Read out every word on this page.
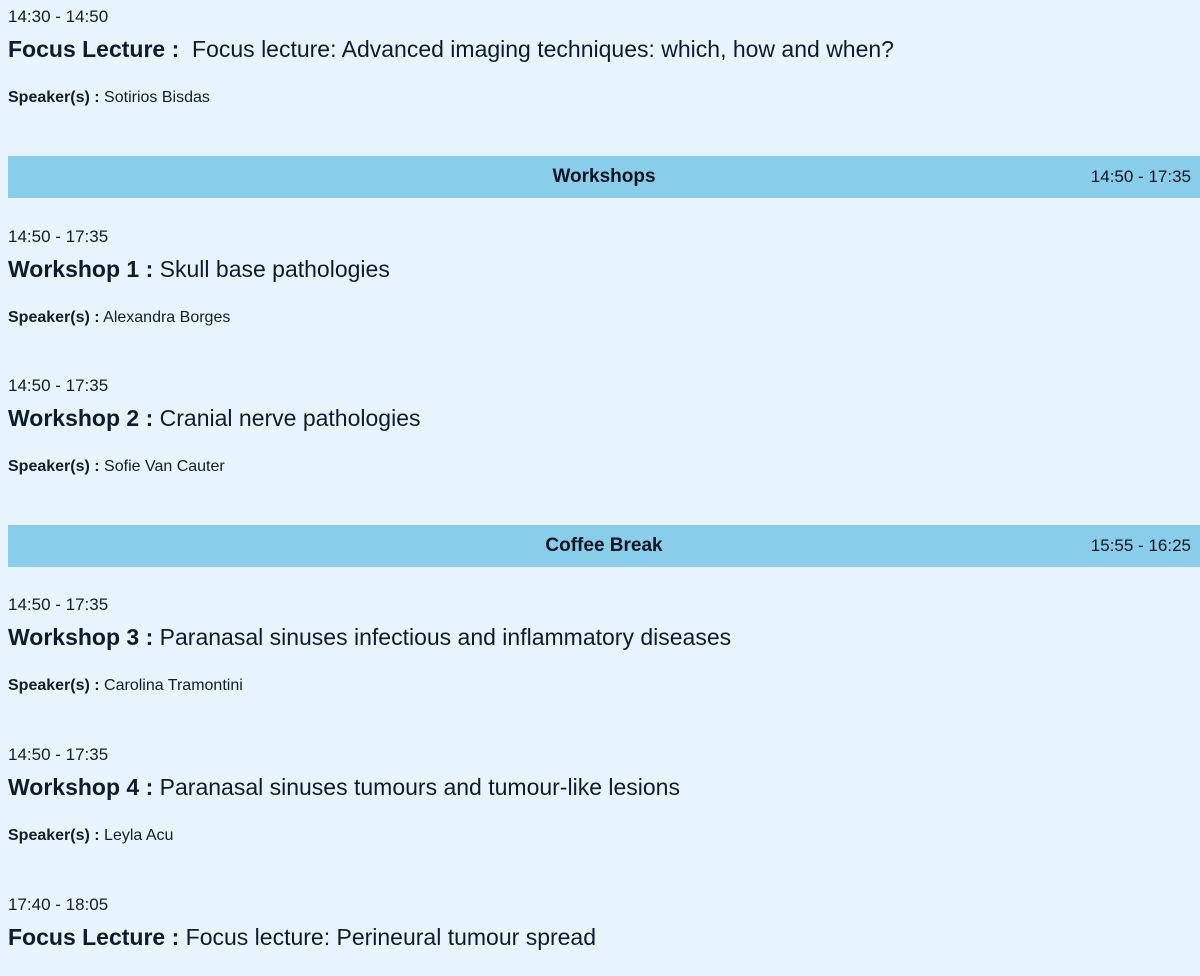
14:30 - 14:50
Focus Lecture : Focus lecture: Advanced imaging techniques: which, how and when?
Speaker(s) : Sotirios Bisdas
Workshops	14:50 - 17:35
14:50 - 17:35
Workshop 1 : Skull base pathologies
Speaker(s) : Alexandra Borges
14:50 - 17:35
Workshop 2 : Cranial nerve pathologies
Speaker(s) : Sofie Van Cauter
Coffee Break	15:55 - 16:25
14:50 - 17:35
Workshop 3 : Paranasal sinuses infectious and inflammatory diseases
Speaker(s) : Carolina Tramontini
14:50 - 17:35
Workshop 4 : Paranasal sinuses tumours and tumour-like lesions
Speaker(s) : Leyla Acu
17:40 - 18:05
Focus Lecture : Focus lecture: Perineural tumour spread
